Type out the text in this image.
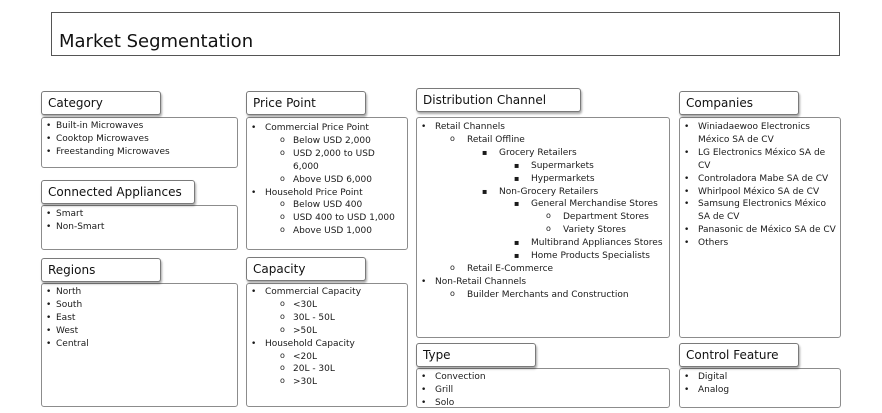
Market Segmentation
Category
• Built-in Microwaves
• Cooktop Microwaves
• Freestanding Microwaves
Connected Appliances
• Smart
• Non-Smart
Regions
• North
• South
• East
• West
• Central
Price Point
• Commercial Price Point
o Below USD 2,000
o USD 2,000 to USD 6,000
o Above USD 6,000
• Household Price Point
o Below USD 400
o USD 400 to USD 1,000
o Above USD 1,000
Capacity
• Commercial Capacity
o <30L
o 30L - 50L
o >50L
• Household Capacity
o <20L
o 20L - 30L
o >30L
Distribution Channel
• Retail Channels
o Retail Offline
▪ Grocery Retailers
▪ Supermarkets
▪ Hypermarkets
▪ Non-Grocery Retailers
▪ General Merchandise Stores
o Department Stores
o Variety Stores
▪ Multibrand Appliances Stores
▪ Home Products Specialists
o Retail E-Commerce
• Non-Retail Channels
o Builder Merchants and Construction
Type
• Convection
• Grill
• Solo
Companies
• Winiadaewoo Electronics México SA de CV
• LG Electronics México SA de CV
• Controladora Mabe SA de CV
• Whirlpool México SA de CV
• Samsung Electronics México SA de CV
• Panasonic de México SA de CV
• Others
Control Feature
• Digital
• Analog
